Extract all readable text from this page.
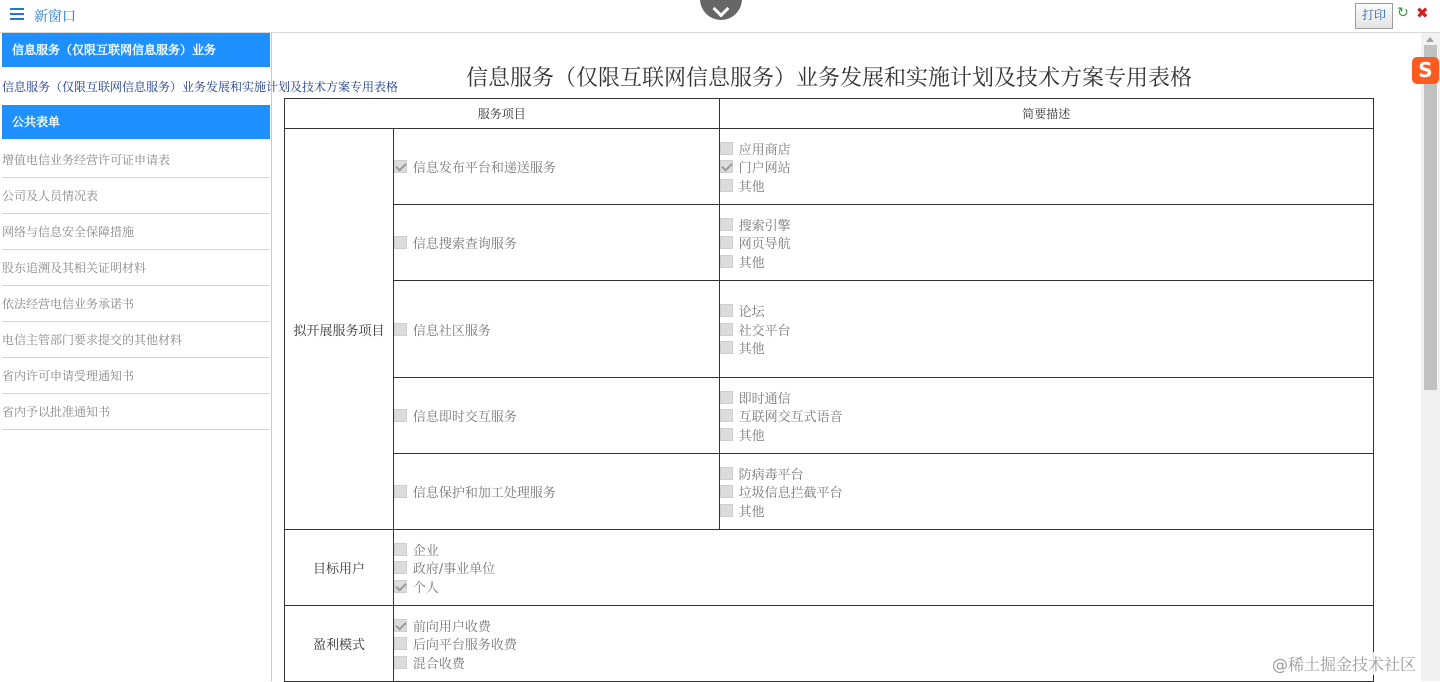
新窗口	打印 ↻ ✖
信息服务（仅限互联网信息服务）业务
信息服务（仅限互联网信息服务）业务发展和实施计划及技术方案专用表格
公共表单
增值电信业务经营许可证申请表
公司及人员情况表
网络与信息安全保障措施
股东追溯及其相关证明材料
依法经营电信业务承诺书
电信主管部门要求提交的其他材料
省内许可申请受理通知书
省内予以批准通知书
信息服务（仅限互联网信息服务）业务发展和实施计划及技术方案专用表格
服务项目		简要描述
拟开展服务项目	信息发布平台和递送服务	应用商店
门户网站
其他

	信息搜索查询服务	搜索引擎
网页导航
其他

	信息社区服务	论坛
社交平台
其他

	信息即时交互服务	即时通信
互联网交互式语音
其他

	信息保护和加工处理服务	防病毒平台
垃圾信息拦截平台
其他

目标用户	企业
政府/事业单位
个人	

盈利模式	前向用户收费
后向平台服务收费
混合收费	
S
@稀土掘金技术社区
